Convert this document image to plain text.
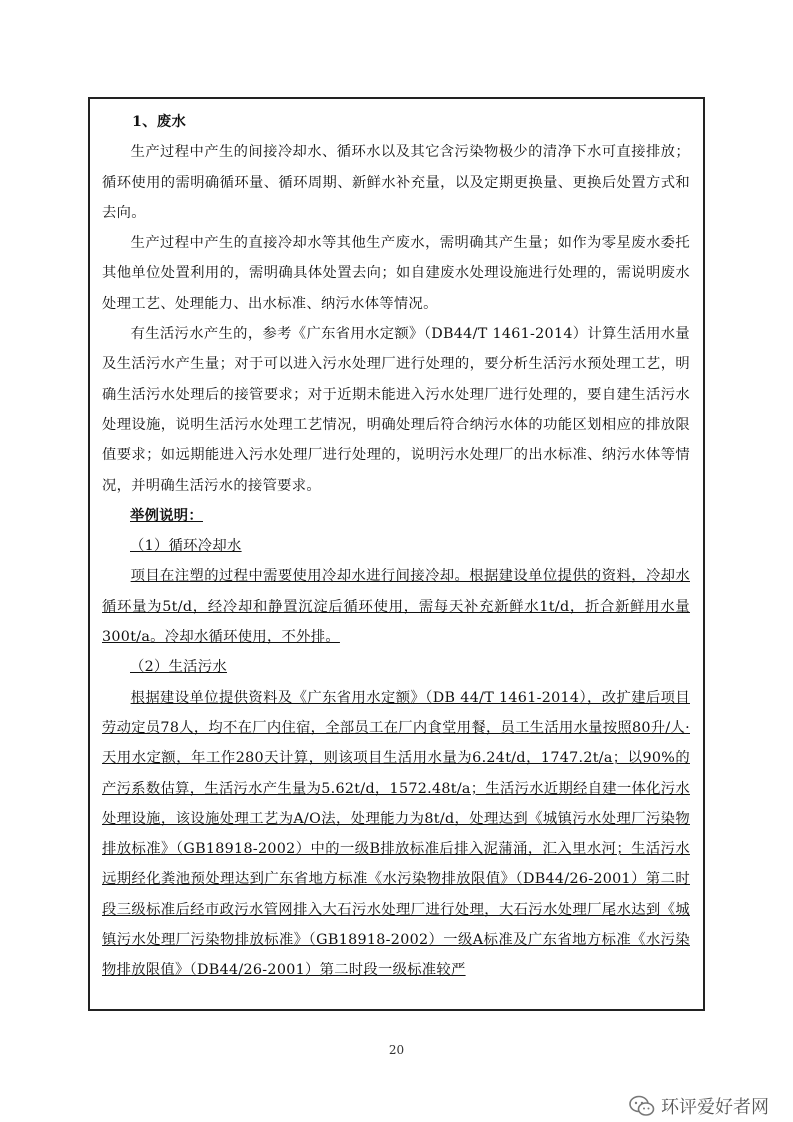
1、废水

生产过程中产生的间接冷却水、循环水以及其它含污染物极少的清净下水可直接排放；循环使用的需明确循环量、循环周期、新鲜水补充量，以及定期更换量、更换后处置方式和去向。

生产过程中产生的直接冷却水等其他生产废水，需明确其产生量；如作为零星废水委托其他单位处置利用的，需明确具体处置去向；如自建废水处理设施进行处理的，需说明废水处理工艺、处理能力、出水标准、纳污水体等情况。

有生活污水产生的，参考《广东省用水定额》（DB44/T 1461-2014）计算生活用水量及生活污水产生量；对于可以进入污水处理厂进行处理的，要分析生活污水预处理工艺，明确生活污水处理后的接管要求；对于近期未能进入污水处理厂进行处理的，要自建生活污水处理设施，说明生活污水处理工艺情况，明确处理后符合纳污水体的功能区划相应的排放限值要求；如远期能进入污水处理厂进行处理的，说明污水处理厂的出水标准、纳污水体等情况，并明确生活污水的接管要求。

举例说明：

（1）循环冷却水

项目在注塑的过程中需要使用冷却水进行间接冷却。根据建设单位提供的资料，冷却水循环量为5t/d，经冷却和静置沉淀后循环使用，需每天补充新鲜水1t/d，折合新鲜用水量300t/a。冷却水循环使用，不外排。

（2）生活污水

根据建设单位提供资料及《广东省用水定额》（DB 44/T 1461-2014），改扩建后项目劳动定员78人，均不在厂内住宿，全部员工在厂内食堂用餐，员工生活用水量按照80升/人·天用水定额，年工作280天计算，则该项目生活用水量为6.24t/d，1747.2t/a；以90%的产污系数估算，生活污水产生量为5.62t/d，1572.48t/a；生活污水近期经自建一体化污水处理设施，该设施处理工艺为A/O法，处理能力为8t/d，处理达到《城镇污水处理厂污染物排放标准》（GB18918-2002）中的一级B排放标准后排入泥蒲涌，汇入里水河；生活污水远期经化粪池预处理达到广东省地方标准《水污染物排放限值》（DB44/26-2001）第二时段三级标准后经市政污水管网排入大石污水处理厂进行处理，大石污水处理厂尾水达到《城镇污水处理厂污染物排放标准》（GB18918-2002）一级A标准及广东省地方标准《水污染物排放限值》（DB44/26-2001）第二时段一级标准较严

20
环评爱好者网
